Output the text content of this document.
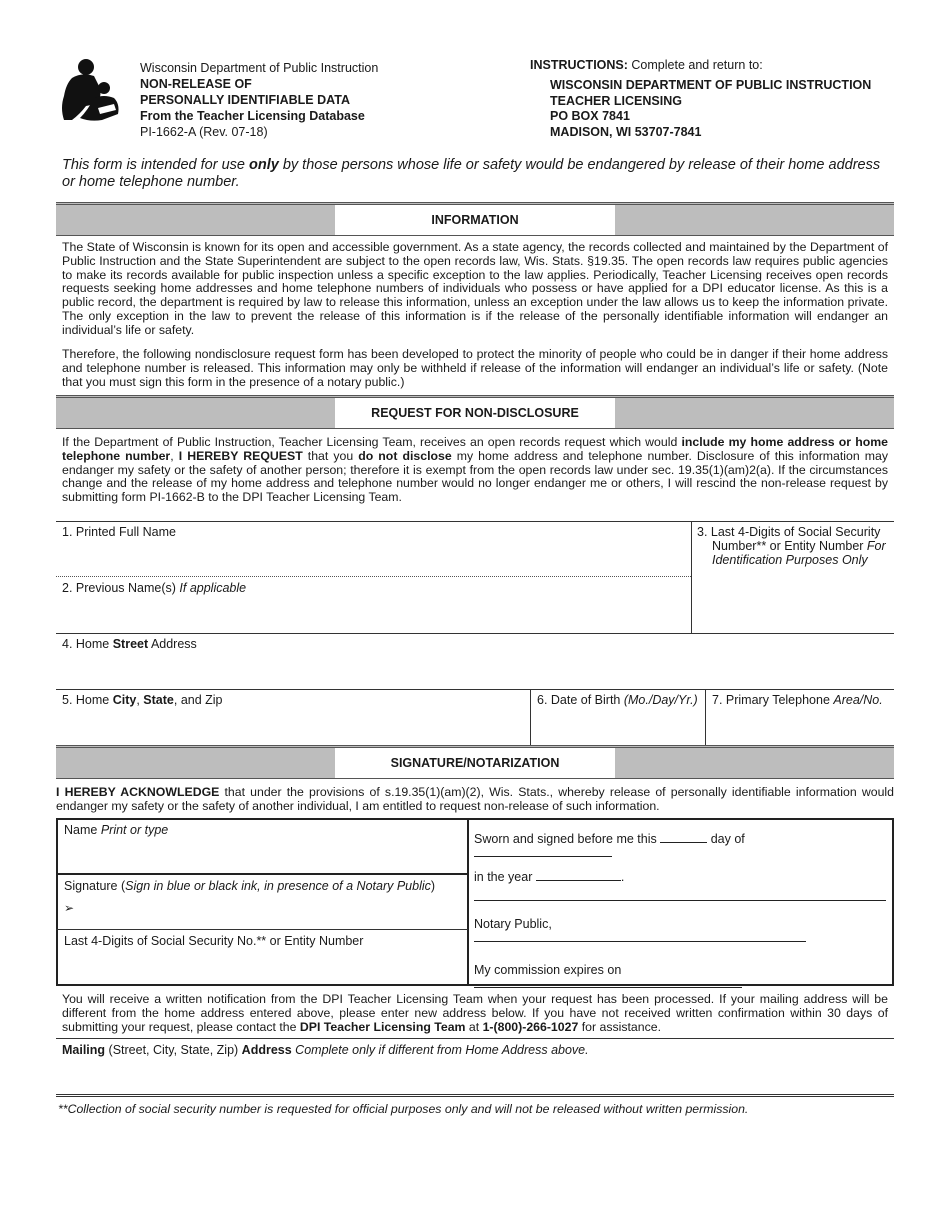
Wisconsin Department of Public Instruction
NON-RELEASE OF
PERSONALLY IDENTIFIABLE DATA
From the Teacher Licensing Database
PI-1662-A (Rev. 07-18)
INSTRUCTIONS: Complete and return to:
WISCONSIN DEPARTMENT OF PUBLIC INSTRUCTION
TEACHER LICENSING
PO BOX 7841
MADISON, WI 53707-7841
This form is intended for use only by those persons whose life or safety would be endangered by release of their home address or home telephone number.
INFORMATION
The State of Wisconsin is known for its open and accessible government. As a state agency, the records collected and maintained by the Department of Public Instruction and the State Superintendent are subject to the open records law, Wis. Stats. §19.35. The open records law requires public agencies to make its records available for public inspection unless a specific exception to the law applies. Periodically, Teacher Licensing receives open records requests seeking home addresses and home telephone numbers of individuals who possess or have applied for a DPI educator license. As this is a public record, the department is required by law to release this information, unless an exception under the law allows us to keep the information private. The only exception in the law to prevent the release of this information is if the release of the personally identifiable information will endanger an individual’s life or safety.
Therefore, the following nondisclosure request form has been developed to protect the minority of people who could be in danger if their home address and telephone number is released. This information may only be withheld if release of the information will endanger an individual’s life or safety. (Note that you must sign this form in the presence of a notary public.)
REQUEST FOR NON-DISCLOSURE
If the Department of Public Instruction, Teacher Licensing Team, receives an open records request which would include my home address or home telephone number, I HEREBY REQUEST that you do not disclose my home address and telephone number. Disclosure of this information may endanger my safety or the safety of another person; therefore it is exempt from the open records law under sec. 19.35(1)(am)2(a). If the circumstances change and the release of my home address and telephone number would no longer endanger me or others, I will rescind the non-release request by submitting form PI-1662-B to the DPI Teacher Licensing Team.
1. Printed Full Name
2. Previous Name(s) If applicable
3. Last 4-Digits of Social Security Number** or Entity Number For Identification Purposes Only
4. Home Street Address
5. Home City, State, and Zip	6. Date of Birth (Mo./Day/Yr.)	7. Primary Telephone Area/No.
SIGNATURE/NOTARIZATION
I HEREBY ACKNOWLEDGE that under the provisions of s.19.35(1)(am)(2), Wis. Stats., whereby release of personally identifiable information would endanger my safety or the safety of another individual, I am entitled to request non-release of such information.
Name Print or type
Signature (Sign in blue or black ink, in presence of a Notary Public)
➢
Last 4-Digits of Social Security No.** or Entity Number
Sworn and signed before me this	day of
in the year	.
Notary Public,
My commission expires on
You will receive a written notification from the DPI Teacher Licensing Team when your request has been processed. If your mailing address will be different from the home address entered above, please enter new address below. If you have not received written confirmation within 30 days of submitting your request, please contact the DPI Teacher Licensing Team at 1-(800)-266-1027 for assistance.
Mailing (Street, City, State, Zip) Address Complete only if different from Home Address above.
**Collection of social security number is requested for official purposes only and will not be released without written permission.
